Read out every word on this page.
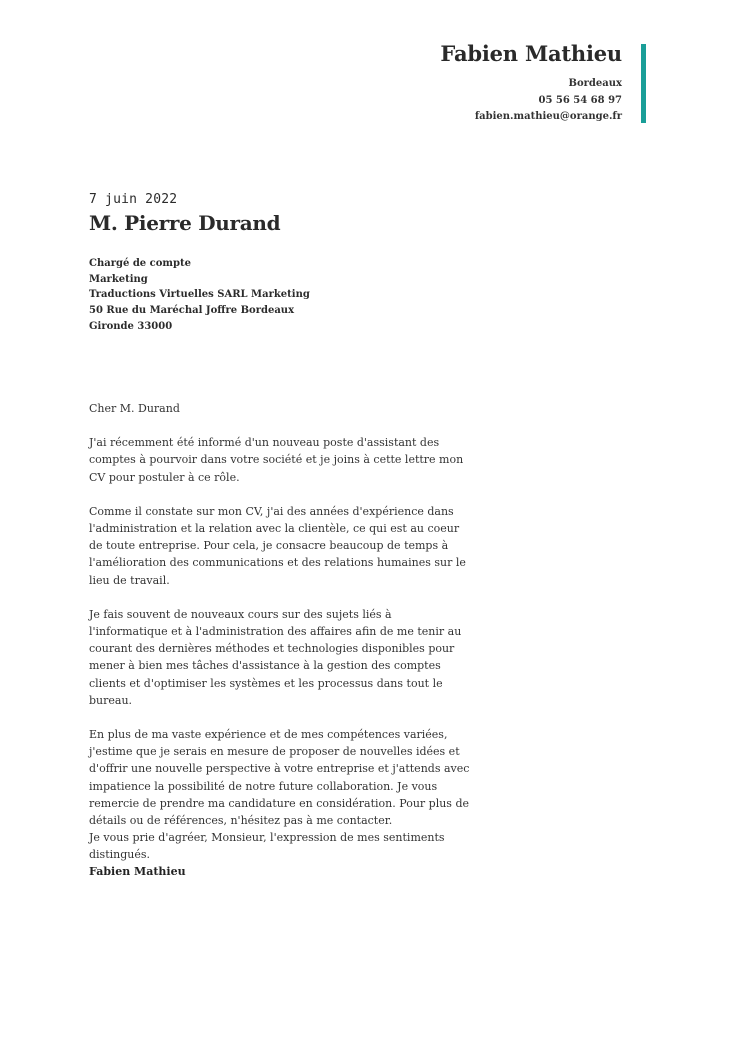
Fabien Mathieu
Bordeaux
05 56 54 68 97
fabien.mathieu@orange.fr
7 juin 2022
M. Pierre Durand
Chargé de compte
Marketing
Traductions Virtuelles SARL Marketing
50 Rue du Maréchal Joffre Bordeaux
Gironde 33000

Cher M. Durand

J'ai récemment été informé d'un nouveau poste d'assistant des comptes à pourvoir dans votre société et je joins à cette lettre mon CV pour postuler à ce rôle.

Comme il constate sur mon CV, j'ai des années d'expérience dans l'administration et la relation avec la clientèle, ce qui est au coeur de toute entreprise. Pour cela, je consacre beaucoup de temps à l'amélioration des communications et des relations humaines sur le lieu de travail.

Je fais souvent de nouveaux cours sur des sujets liés à l'informatique et à l'administration des affaires afin de me tenir au courant des dernières méthodes et technologies disponibles pour mener à bien mes tâches d'assistance à la gestion des comptes clients et d'optimiser les systèmes et les processus dans tout le bureau.

En plus de ma vaste expérience et de mes compétences variées, j'estime que je serais en mesure de proposer de nouvelles idées et d'offrir une nouvelle perspective à votre entreprise et j'attends avec impatience la possibilité de notre future collaboration. Je vous remercie de prendre ma candidature en considération. Pour plus de détails ou de références, n'hésitez pas à me contacter.

Je vous prie d'agréer, Monsieur, l'expression de mes sentiments distingués.
Fabien Mathieu
